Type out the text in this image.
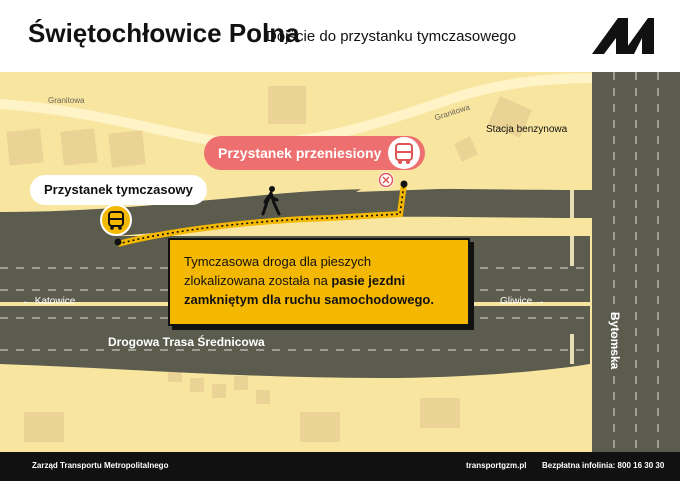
Świętochłowice Polna
Dojście do przystanku tymczasowego
Granitowa
Granitowa
Stacja benzynowa
Przystanek przeniesiony
Przystanek tymczasowy
Tymczasowa droga dla pieszych
zlokalizowana została na pasie jezdni
zamkniętym dla ruchu samochodowego.
← Katowice	Gliwice →
Drogowa Trasa Średnicowa	Bytomska
Zarząd Transportu Metropolitalnego	transportgzm.pl Bezpłatna infolinia: 800 16 30 30
